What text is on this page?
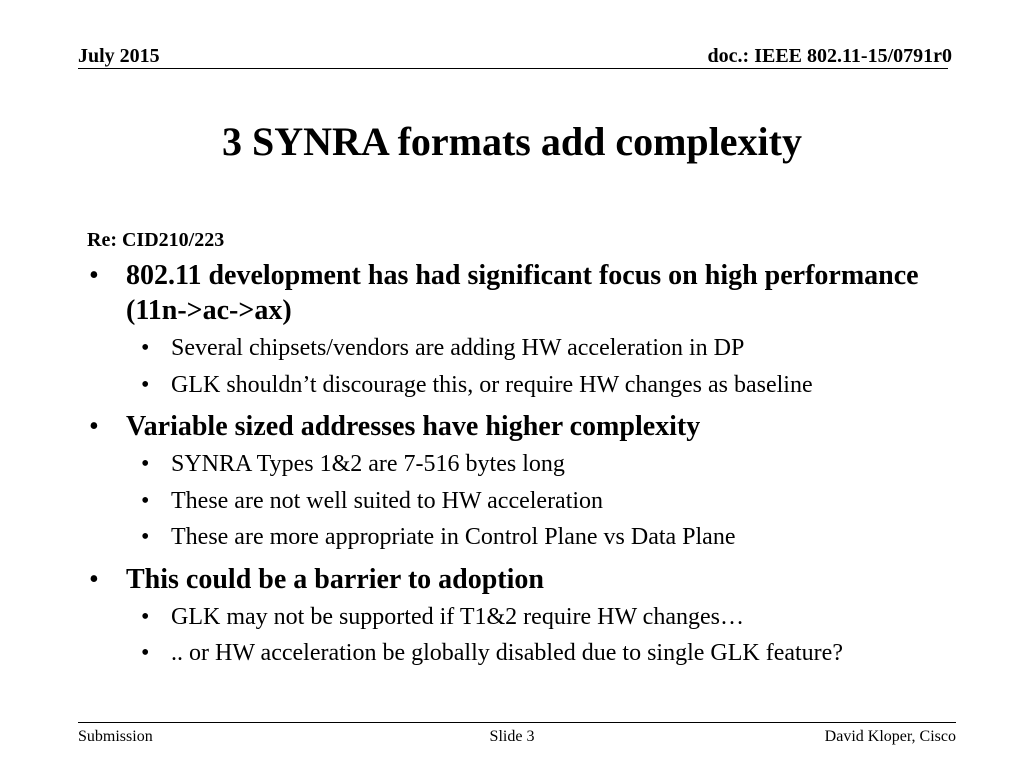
July 2015	doc.: IEEE 802.11-15/0791r0
3 SYNRA formats add complexity
Re: CID210/223
• 802.11 development has had significant focus on high performance (11n->ac->ax)
• Several chipsets/vendors are adding HW acceleration in DP
• GLK shouldn’t discourage this, or require HW changes as baseline
• Variable sized addresses have higher complexity
• SYNRA Types 1&2 are 7-516 bytes long
• These are not well suited to HW acceleration
• These are more appropriate in Control Plane vs Data Plane
• This could be a barrier to adoption
• GLK may not be supported if T1&2 require HW changes…
• .. or HW acceleration be globally disabled due to single GLK feature?
Submission	Slide 3	David Kloper, Cisco
